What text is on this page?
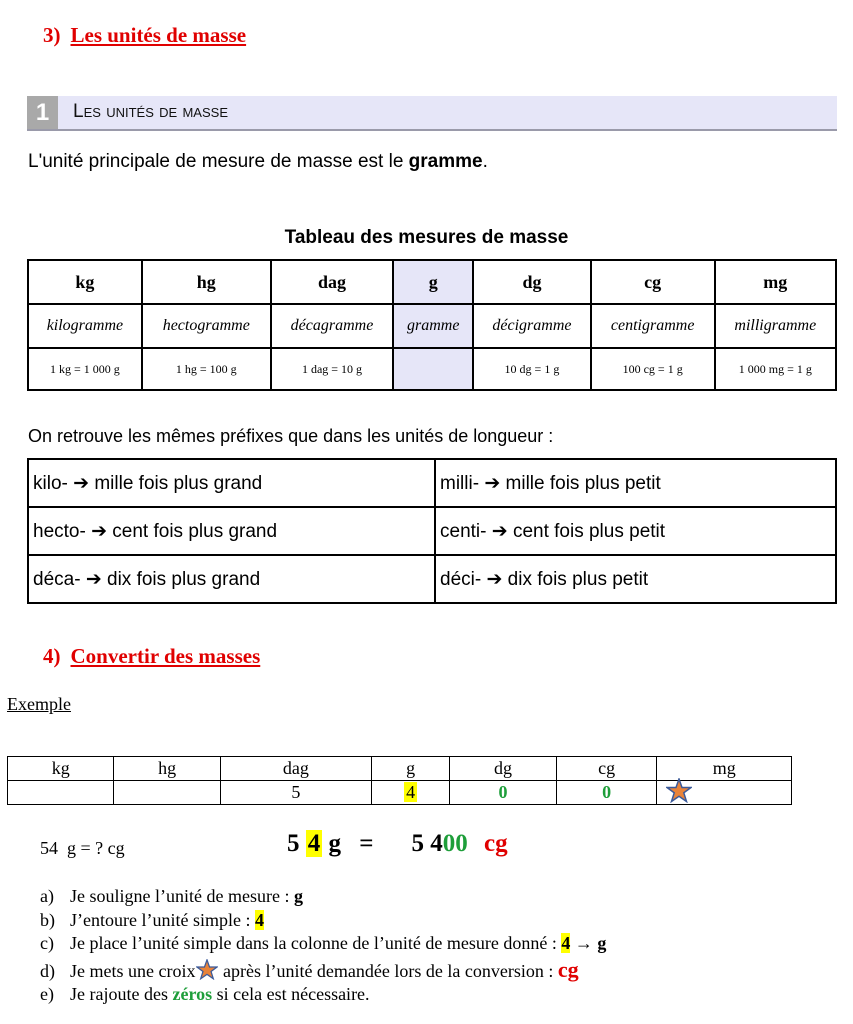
3) Les unités de masse
1	Les unités de masse
L'unité principale de mesure de masse est le gramme.
Tableau des mesures de masse
kg	hg	dag	g	dg	cg	mg
kilogramme	hectogramme	décagramme	gramme	décigramme	centigramme	milligramme
1 kg = 1 000 g	1 hg = 100 g	1 dag = 10 g		10 dg = 1 g	100 cg = 1 g	1 000 mg = 1 g
On retrouve les mêmes préfixes que dans les unités de longueur :
kilo- ➔ mille fois plus grand	milli- ➔ mille fois plus petit
hecto- ➔ cent fois plus grand	centi- ➔ cent fois plus petit
déca- ➔ dix fois plus grand	déci- ➔ dix fois plus petit
4) Convertir des masses
Exemple
kg	hg	dag	g	dg	cg	mg
		5	4	0	0	
54  g = ? cg	5 4 g = 5 400 cg
a) Je souligne l’unité de mesure : g
b) J’entoure l’unité simple : 4
c) Je place l’unité simple dans la colonne de l’unité de mesure donné : 4 → g
d) Je mets une croix après l’unité demandée lors de la conversion : cg
e) Je rajoute des zéros si cela est nécessaire.
